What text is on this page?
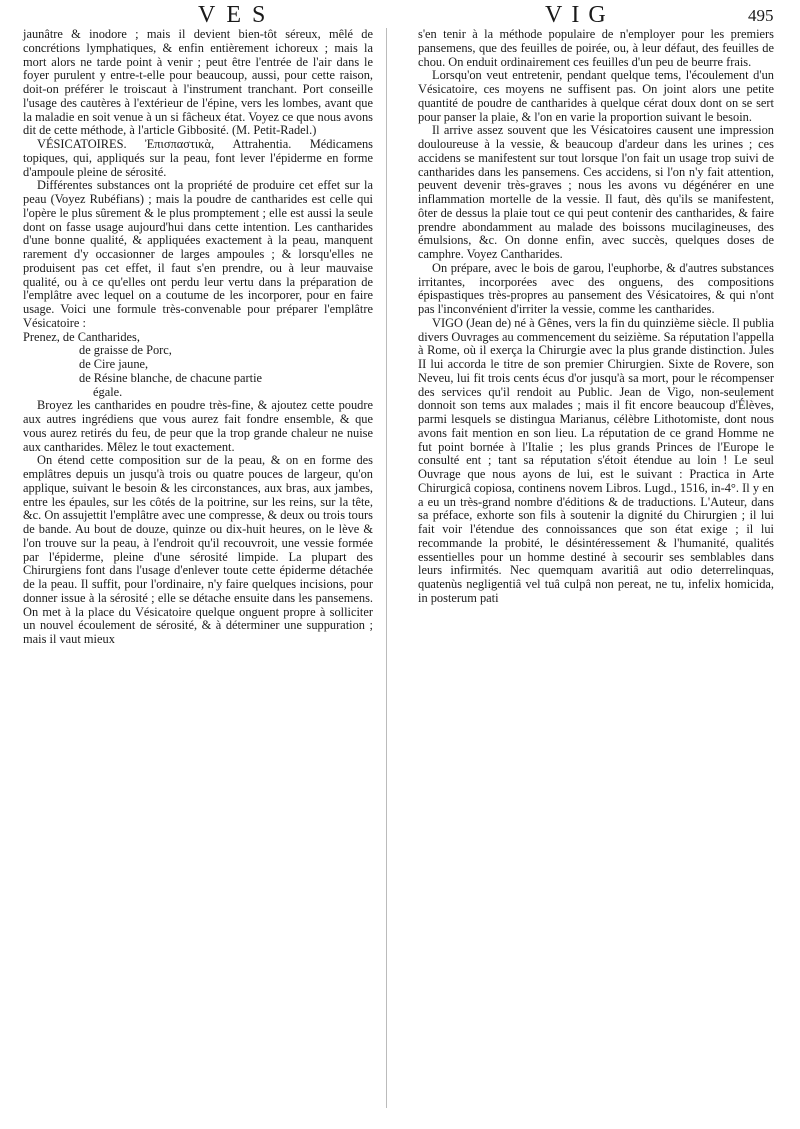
VES	VIG	495

jaunâtre & inodore ; mais il devient bien-tôt séreux, mêlé de concrétions lymphatiques, & enfin entièrement ichoreux ; mais la mort alors ne tarde point à venir ; peut être l'entrée de l'air dans le foyer purulent y entre-t-elle pour beaucoup, aussi, pour cette raison, doit-on préférer le troiscaut à l'instrument tranchant. Port conseille l'usage des cautères à l'extérieur de l'épine, vers les lombes, avant que la maladie en soit venue à un si fâcheux état. Voyez ce que nous avons dit de cette méthode, à l'article Gibbosité. (M. Petit-Radel.)

VÉSICATOIRES. Ἐπισπαστικὰ, Attrahentia. Médicamens topiques, qui, appliqués sur la peau, font lever l'épiderme en forme d'ampoule pleine de sérosité.

Différentes substances ont la propriété de produire cet effet sur la peau (Voyez Rubéfians) ; mais la poudre de cantharides est celle qui l'opère le plus sûrement & le plus promptement ; elle est aussi la seule dont on fasse usage aujourd'hui dans cette intention. Les cantharides d'une bonne qualité, & appliquées exactement à la peau, manquent rarement d'y occasionner de larges ampoules ; & lorsqu'elles ne produisent pas cet effet, il faut s'en prendre, ou à leur mauvaise qualité, ou à ce qu'elles ont perdu leur vertu dans la préparation de l'emplâtre avec lequel on a coutume de les incorporer, pour en faire usage. Voici une formule très-convenable pour préparer l'emplâtre Vésicatoire :

Prenez, de Cantharides,

de graisse de Porc,

de Cire jaune,

de Résine blanche, de chacune partie

égale.

Broyez les cantharides en poudre très-fine, & ajoutez cette poudre aux autres ingrédiens que vous aurez fait fondre ensemble, & que vous aurez retirés du feu, de peur que la trop grande chaleur ne nuise aux cantharides. Mêlez le tout exactement.

On étend cette composition sur de la peau, & on en forme des emplâtres depuis un jusqu'à trois ou quatre pouces de largeur, qu'on applique, suivant le besoin & les circonstances, aux bras, aux jambes, entre les épaules, sur les côtés de la poitrine, sur les reins, sur la tête, &c. On assujettit l'emplâtre avec une compresse, & deux ou trois tours de bande. Au bout de douze, quinze ou dix-huit heures, on le lève & l'on trouve sur la peau, à l'endroit qu'il recouvroit, une vessie formée par l'épiderme, pleine d'une sérosité limpide. La plupart des Chirurgiens font dans l'usage d'enlever toute cette épiderme détachée de la peau. Il suffit, pour l'ordinaire, n'y faire quelques incisions, pour donner issue à la sérosité ; elle se détache ensuite dans les pansemens. On met à la place du Vésicatoire quelque onguent propre à solliciter un nouvel écoulement de sérosité, & à déterminer une suppuration ; mais il vaut mieux

s'en tenir à la méthode populaire de n'employer pour les premiers pansemens, que des feuilles de poirée, ou, à leur défaut, des feuilles de chou. On enduit ordinairement ces feuilles d'un peu de beurre frais.

Lorsqu'on veut entretenir, pendant quelque tems, l'écoulement d'un Vésicatoire, ces moyens ne suffisent pas. On joint alors une petite quantité de poudre de cantharides à quelque cérat doux dont on se sert pour panser la plaie, & l'on en varie la proportion suivant le besoin.

Il arrive assez souvent que les Vésicatoires causent une impression douloureuse à la vessie, & beaucoup d'ardeur dans les urines ; ces accidens se manifestent sur tout lorsque l'on fait un usage trop suivi de cantharides dans les pansemens. Ces accidens, si l'on n'y fait attention, peuvent devenir très-graves ; nous les avons vu dégénérer en une inflammation mortelle de la vessie. Il faut, dès qu'ils se manifestent, ôter de dessus la plaie tout ce qui peut contenir des cantharides, & faire prendre abondamment au malade des boissons mucilagineuses, des émulsions, &c. On donne enfin, avec succès, quelques doses de camphre. Voyez Cantharides.

On prépare, avec le bois de garou, l'euphorbe, & d'autres substances irritantes, incorporées avec des onguens, des compositions épispastiques très-propres au pansement des Vésicatoires, & qui n'ont pas l'inconvénient d'irriter la vessie, comme les cantharides.

VIGO (Jean de) né à Gênes, vers la fin du quinzième siècle. Il publia divers Ouvrages au commencement du seizième. Sa réputation l'appella à Rome, où il exerça la Chirurgie avec la plus grande distinction. Jules II lui accorda le titre de son premier Chirurgien. Sixte de Rovere, son Neveu, lui fit trois cents écus d'or jusqu'à sa mort, pour le récompenser des services qu'il rendoit au Public. Jean de Vigo, non-seulement donnoit son tems aux malades ; mais il fit encore beaucoup d'Élèves, parmi lesquels se distingua Marianus, célèbre Lithotomiste, dont nous avons fait mention en son lieu. La réputation de ce grand Homme ne fut point bornée à l'Italie ; les plus grands Princes de l'Europe le consulté ent ; tant sa réputation s'étoit étendue au loin ! Le seul Ouvrage que nous ayons de lui, est le suivant : Practica in Arte Chirurgicâ copiosa, continens novem Libros. Lugd., 1516, in-4°. Il y en a eu un très-grand nombre d'éditions & de traductions. L'Auteur, dans sa préface, exhorte son fils à soutenir la dignité du Chirurgien ; il lui fait voir l'étendue des connoissances que son état exige ; il lui recommande la probité, le désintéressement & l'humanité, qualités essentielles pour un homme destiné à secourir ses semblables dans leurs infirmités. Nec quemquam avaritiâ aut odio deterrelinquas, quatenùs negligentiâ vel tuâ culpâ non pereat, ne tu, infelix homicida, in posterum pati
